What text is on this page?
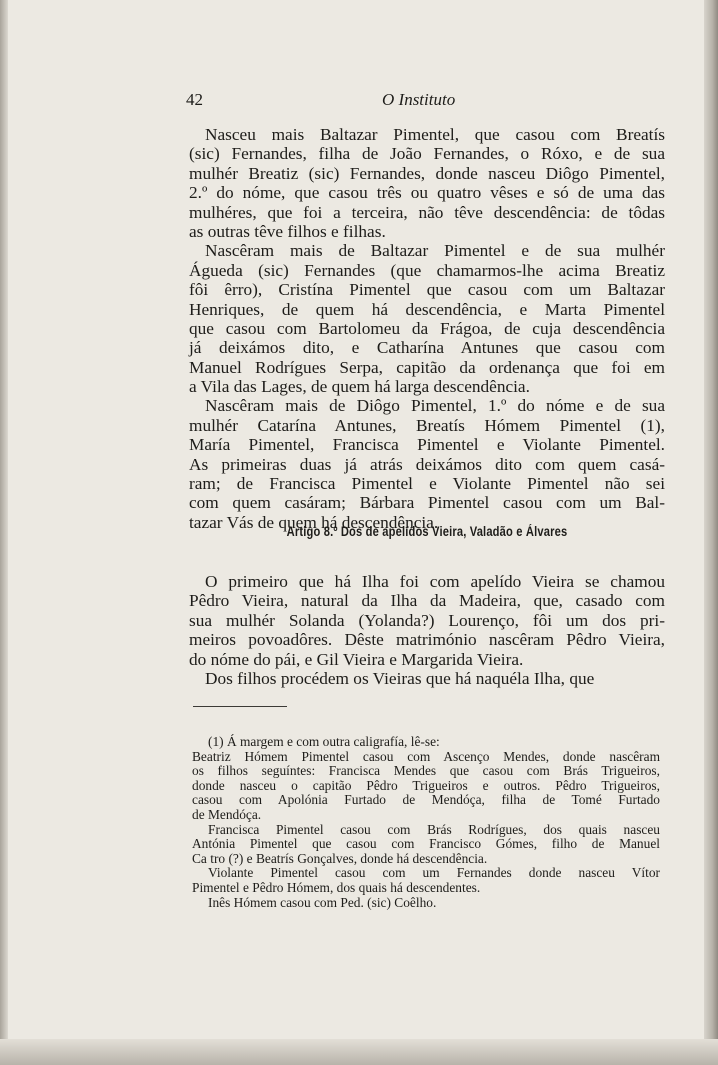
42	O Instituto
Nasceu mais Baltazar Pimentel, que casou com Breatís
(sic) Fernandes, filha de João Fernandes, o Róxo, e de sua
mulhér Breatiz (sic) Fernandes, donde nasceu Diôgo Pimentel,
2.º do nóme, que casou três ou quatro vêses e só de uma das
mulhéres, que foi a terceira, não têve descendência: de tôdas
as outras têve filhos e filhas.
Nascêram mais de Baltazar Pimentel e de sua mulhér
Águeda (sic) Fernandes (que chamarmos-lhe acima Breatiz
fôi êrro), Cristína Pimentel que casou com um Baltazar
Henriques, de quem há descendência, e Marta Pimentel
que casou com Bartolomeu da Frágoa, de cuja descendência
já deixámos dito, e Catharína Antunes que casou com
Manuel Rodrígues Serpa, capitão da ordenança que foi em
a Vila das Lages, de quem há larga descendência.
Nascêram mais de Diôgo Pimentel, 1.º do nóme e de sua
mulhér Catarína Antunes, Breatís Hómem Pimentel (1),
María Pimentel, Francisca Pimentel e Violante Pimentel.
As primeiras duas já atrás deixámos dito com quem casá-
ram; de Francisca Pimentel e Violante Pimentel não sei
com quem casáram; Bárbara Pimentel casou com um Bal-
tazar Vás de quem há descendência.
Artigo 8.º Dos de apelídos Vieira, Valadão e Álvares
O primeiro que há Ilha foi com apelído Vieira se chamou
Pêdro Vieira, natural da Ilha da Madeira, que, casado com
sua mulhér Solanda (Yolanda?) Lourenço, fôi um dos pri-
meiros povoadôres. Dêste matrimónio nascêram Pêdro Vieira,
do nóme do pái, e Gil Vieira e Margarida Vieira.
Dos filhos procédem os Vieiras que há naquéla Ilha, que
(1) Á margem e com outra caligrafía, lê-se:
Beatriz Hómem Pimentel casou com Ascenço Mendes, donde nascêram
os filhos seguíntes: Francisca Mendes que casou com Brás Trigueiros,
donde nasceu o capitão Pêdro Trigueiros e outros. Pêdro Trigueiros,
casou com Apolónia Furtado de Mendóça, filha de Tomé Furtado
de Mendóça.
Francisca Pimentel casou com Brás Rodrígues, dos quais nasceu
Antónia Pimentel que casou com Francisco Gómes, filho de Manuel
Ca tro (?) e Beatrís Gonçalves, donde há descendência.
Violante Pimentel casou com um Fernandes donde nasceu Vítor
Pimentel e Pêdro Hómem, dos quais há descendentes.
Inês Hómem casou com Ped. (sic) Coêlho.
